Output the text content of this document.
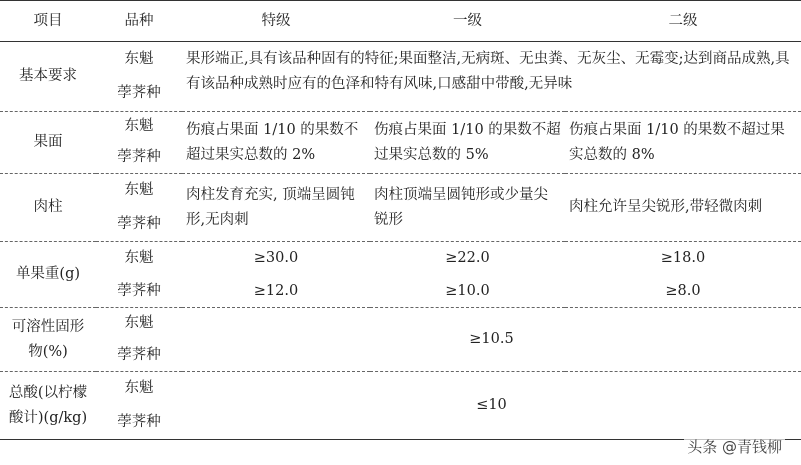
项目	品种	特级	一级	二级
基本要求	东魁	果形端正,具有该品种固有的特征;果面整洁,无病斑、无虫粪、无灰尘、无霉变;达到商品成熟,具有该品种成熟时应有的色泽和特有风味,口感甜中带酸,无异味		
	荸荠种			
果面	东魁	伤痕占果面 1/10 的果数不超过果实总数的 2%	伤痕占果面 1/10 的果数不超过果实总数的 5%	伤痕占果面 1/10 的果数不超过果实总数的 8%
	荸荠种			
肉柱	东魁	肉柱发育充实, 顶端呈圆钝形,无肉刺	肉柱顶端呈圆钝形或少量尖锐形	肉柱允许呈尖锐形,带轻微肉刺
	荸荠种			
单果重(g)	东魁	≥30.0	≥22.0	≥18.0
	荸荠种	≥12.0	≥10.0	≥8.0
可溶性固形物(%)	东魁	≥10.5		
	荸荠种			
总酸(以柠檬酸计)(g/kg)	东魁	≤10		
	荸荠种			
头条 @青钱柳
